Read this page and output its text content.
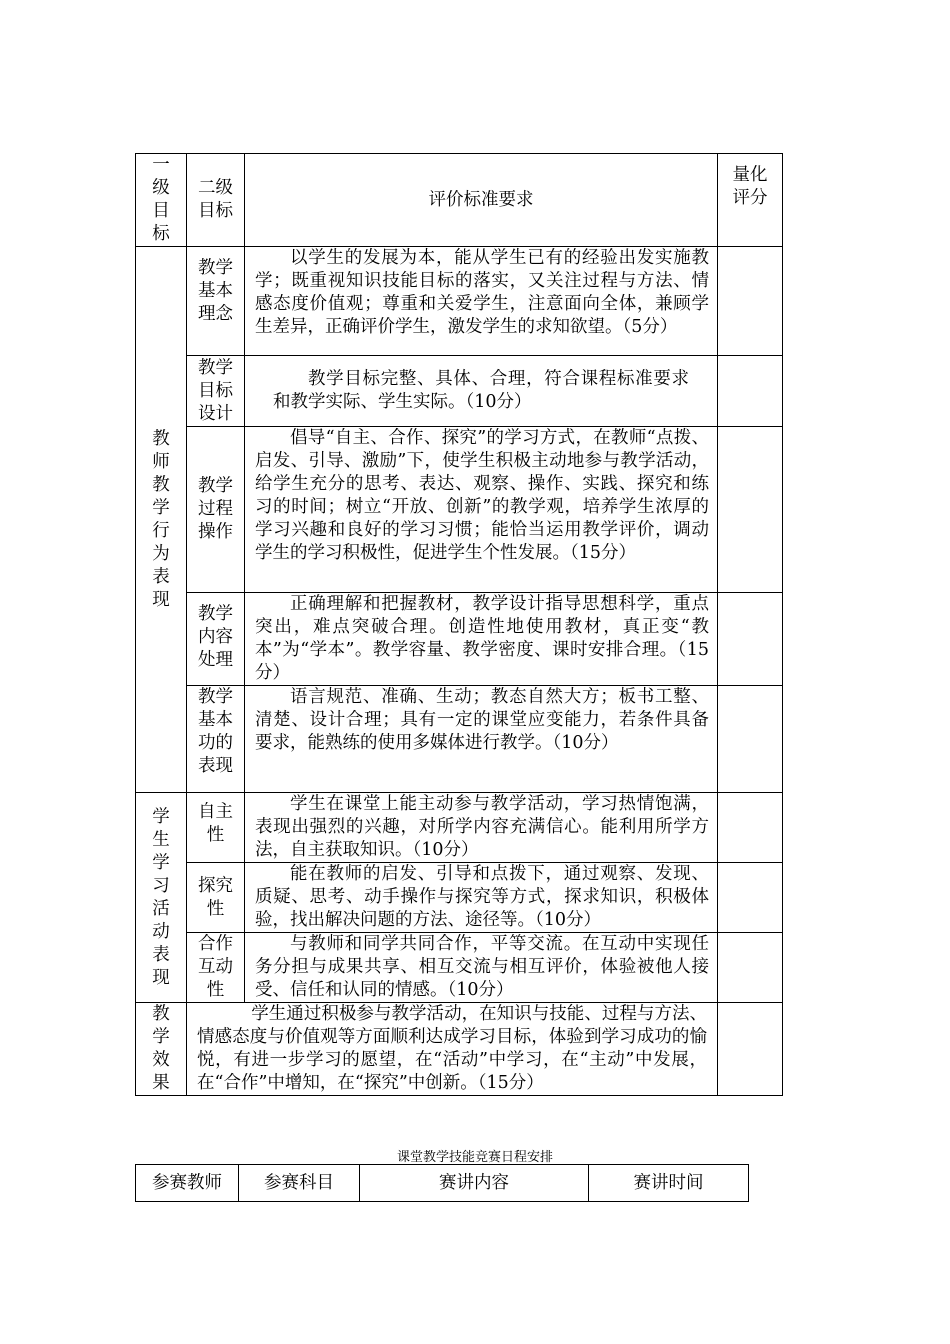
一级目标	二级目标	评价标准要求	量化评分
教师教学行为表现	教学基本理念	以学生的发展为本，能从学生已有的经验出发实施教学；既重视知识技能目标的落实，又关注过程与方法、情感态度价值观；尊重和关爱学生，注意面向全体，兼顾学生差异，正确评价学生，激发学生的求知欲望。（5分）	

	教学目标设计	教学目标完整、具体、合理，符合课程标准要求和教学实际、学生实际。（10分）	

	教学过程操作	倡导“自主、合作、探究”的学习方式，在教师“点拨、启发、引导、激励”下，使学生积极主动地参与教学活动，给学生充分的思考、表达、观察、操作、实践、探究和练习的时间；树立“开放、创新”的教学观，培养学生浓厚的学习兴趣和良好的学习习惯；能恰当运用教学评价，调动学生的学习积极性，促进学生个性发展。（15分）	

	教学内容处理	正确理解和把握教材，教学设计指导思想科学，重点突出，难点突破合理。创造性地使用教材，真正变“教本”为“学本”。教学容量、教学密度、课时安排合理。（15分）	

	教学基本功的表现	语言规范、准确、生动；教态自然大方；板书工整、清楚、设计合理；具有一定的课堂应变能力，若条件具备要求，能熟练的使用多媒体进行教学。（10分）	

学生学习活动表现	自主性	学生在课堂上能主动参与教学活动，学习热情饱满，表现出强烈的兴趣，对所学内容充满信心。能利用所学方法，自主获取知识。（10分）	

	探究性	能在教师的启发、引导和点拨下，通过观察、发现、质疑、思考、动手操作与探究等方式，探求知识，积极体验，找出解决问题的方法、途径等。（10分）	

	合作互动性	与教师和同学共同合作，平等交流。在互动中实现任务分担与成果共享、相互交流与相互评价，体验被他人接受、信任和认同的情感。（10分）	

教学效果	学生通过积极参与教学活动，在知识与技能、过程与方法、情感态度与价值观等方面顺利达成学习目标，体验到学习成功的愉悦，有进一步学习的愿望，在“活动”中学习，在“主动”中发展，在“合作”中增知，在“探究”中创新。（15分）		

课堂教学技能竞赛日程安排
参赛教师	参赛科目	赛讲内容	赛讲时间
